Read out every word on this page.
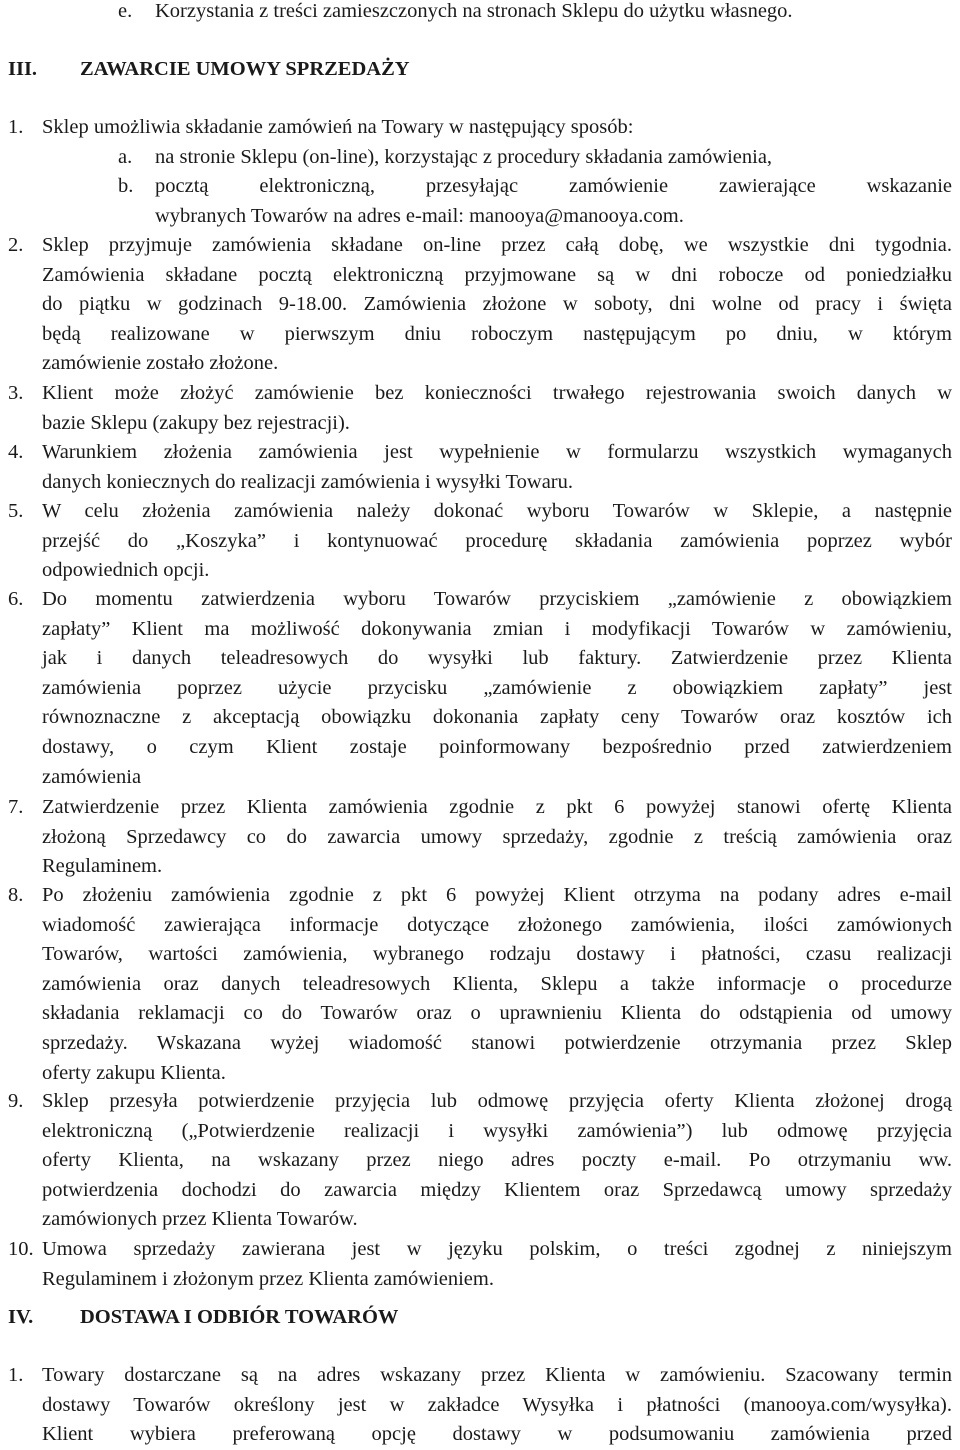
e. Korzystania z treści zamieszczonych na stronach Sklepu do użytku własnego.
III. ZAWARCIE UMOWY SPRZEDAŻY
1. Sklep umożliwia składanie zamówień na Towary w następujący sposób:
a. na stronie Sklepu (on-line), korzystając z procedury składania zamówienia,
b. pocztą elektroniczną, przesyłając zamówienie zawierające wskazanie
wybranych Towarów na adres e-mail: manooya@manooya.com.
2. Sklep przyjmuje zamówienia składane on-line przez całą dobę, we wszystkie dni tygodnia.
Zamówienia składane pocztą elektroniczną przyjmowane są w dni robocze od poniedziałku
do piątku w godzinach 9-18.00. Zamówienia złożone w soboty, dni wolne od pracy i święta
będą realizowane w pierwszym dniu roboczym następującym po dniu, w którym
zamówienie zostało złożone.
3. Klient może złożyć zamówienie bez konieczności trwałego rejestrowania swoich danych w
bazie Sklepu (zakupy bez rejestracji).
4. Warunkiem złożenia zamówienia jest wypełnienie w formularzu wszystkich wymaganych
danych koniecznych do realizacji zamówienia i wysyłki Towaru.
5. W celu złożenia zamówienia należy dokonać wyboru Towarów w Sklepie, a następnie
przejść do „Koszyka” i kontynuować procedurę składania zamówienia poprzez wybór
odpowiednich opcji.
6. Do momentu zatwierdzenia wyboru Towarów przyciskiem „zamówienie z obowiązkiem
zapłaty” Klient ma możliwość dokonywania zmian i modyfikacji Towarów w zamówieniu,
jak i danych teleadresowych do wysyłki lub faktury. Zatwierdzenie przez Klienta
zamówienia poprzez użycie przycisku „zamówienie z obowiązkiem zapłaty” jest
równoznaczne z akceptacją obowiązku dokonania zapłaty ceny Towarów oraz kosztów ich
dostawy, o czym Klient zostaje poinformowany bezpośrednio przed zatwierdzeniem
zamówienia
7. Zatwierdzenie przez Klienta zamówienia zgodnie z pkt 6 powyżej stanowi ofertę Klienta
złożoną Sprzedawcy co do zawarcia umowy sprzedaży, zgodnie z treścią zamówienia oraz
Regulaminem.
8. Po złożeniu zamówienia zgodnie z pkt 6 powyżej Klient otrzyma na podany adres e-mail
wiadomość zawierająca informacje dotyczące złożonego zamówienia, ilości zamówionych
Towarów, wartości zamówienia, wybranego rodzaju dostawy i płatności, czasu realizacji
zamówienia oraz danych teleadresowych Klienta, Sklepu a także informacje o procedurze
składania reklamacji co do Towarów oraz o uprawnieniu Klienta do odstąpienia od umowy
sprzedaży. Wskazana wyżej wiadomość stanowi potwierdzenie otrzymania przez Sklep
oferty zakupu Klienta.
9. Sklep przesyła potwierdzenie przyjęcia lub odmowę przyjęcia oferty Klienta złożonej drogą
elektroniczną („Potwierdzenie realizacji i wysyłki zamówienia”) lub odmowę przyjęcia
oferty Klienta, na wskazany przez niego adres poczty e-mail. Po otrzymaniu ww.
potwierdzenia dochodzi do zawarcia między Klientem oraz Sprzedawcą umowy sprzedaży
zamówionych przez Klienta Towarów.
10. Umowa sprzedaży zawierana jest w języku polskim, o treści zgodnej z niniejszym
Regulaminem i złożonym przez Klienta zamówieniem.
1. Towary dostarczane są na adres wskazany przez Klienta w zamówieniu. Szacowany termin
dostawy Towarów określony jest w zakładce Wysyłka i płatności (manooya.com/wysyłka).
Klient wybiera preferowaną opcję dostawy w podsumowaniu zamówienia przed
IV. DOSTAWA I ODBIÓR TOWARÓW
